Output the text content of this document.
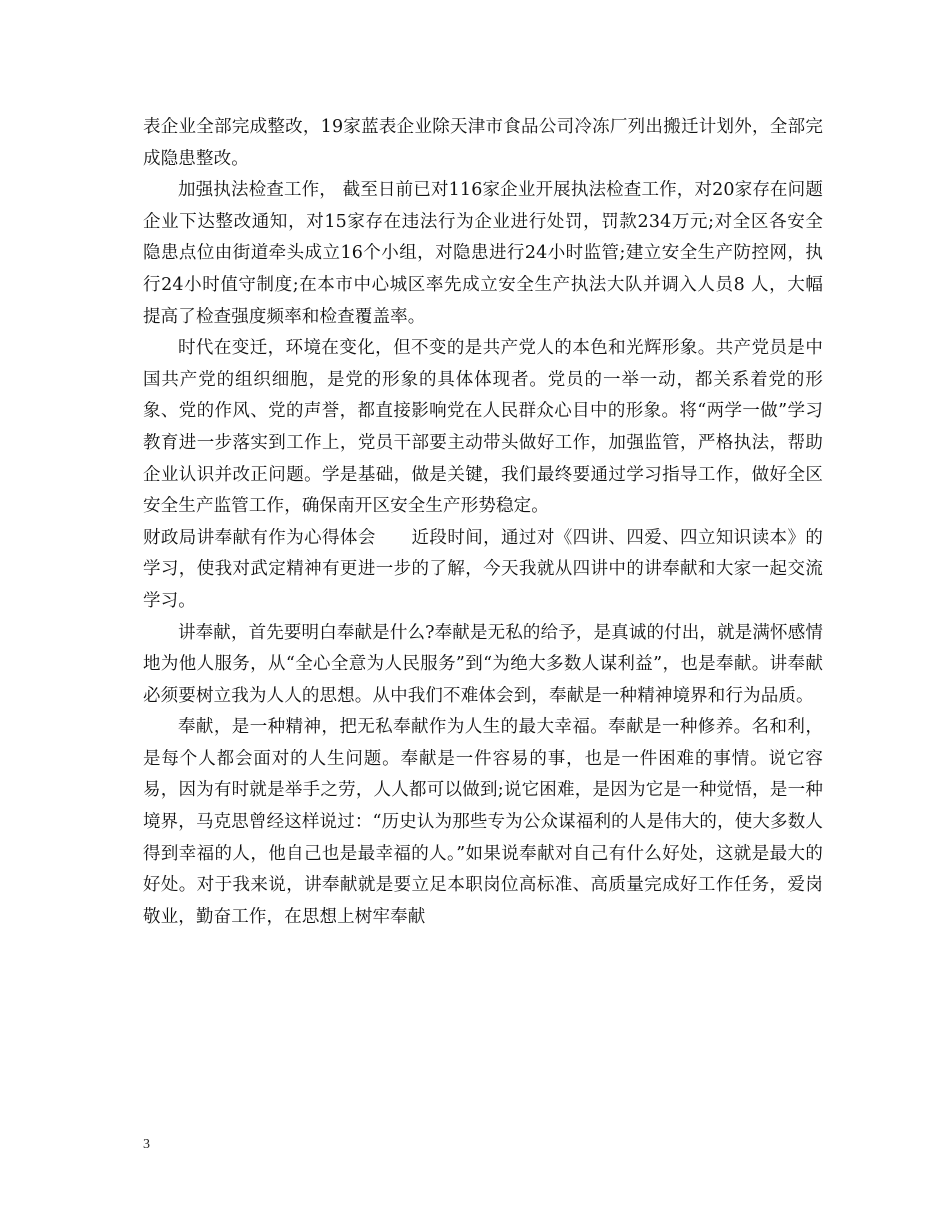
表企业全部完成整改，19家蓝表企业除天津市食品公司冷冻厂列出搬迁计划外，全部完成隐患整改。

加强执法检查工作， 截至日前已对116家企业开展执法检查工作，对20家存在问题企业下达整改通知，对15家存在违法行为企业进行处罚，罚款234万元;对全区各安全隐患点位由街道牵头成立16个小组，对隐患进行24小时监管;建立安全生产防控网，执行24小时值守制度;在本市中心城区率先成立安全生产执法大队并调入人员8 人，大幅提高了检查强度频率和检查覆盖率。

时代在变迁，环境在变化，但不变的是共产党人的本色和光辉形象。共产党员是中国共产党的组织细胞，是党的形象的具体体现者。党员的一举一动，都关系着党的形象、党的作风、党的声誉，都直接影响党在人民群众心目中的形象。将“两学一做”学习教育进一步落实到工作上，党员干部要主动带头做好工作，加强监管，严格执法，帮助企业认识并改正问题。学是基础，做是关键，我们最终要通过学习指导工作，做好全区安全生产监管工作，确保南开区安全生产形势稳定。

财政局讲奉献有作为心得体会　　近段时间，通过对《四讲、四爱、四立知识读本》的学习，使我对武定精神有更进一步的了解，今天我就从四讲中的讲奉献和大家一起交流学习。

讲奉献，首先要明白奉献是什么?奉献是无私的给予，是真诚的付出，就是满怀感情地为他人服务，从“全心全意为人民服务”到“为绝大多数人谋利益”，也是奉献。讲奉献必须要树立我为人人的思想。从中我们不难体会到，奉献是一种精神境界和行为品质。

奉献，是一种精神，把无私奉献作为人生的最大幸福。奉献是一种修养。名和利，是每个人都会面对的人生问题。奉献是一件容易的事，也是一件困难的事情。说它容易，因为有时就是举手之劳，人人都可以做到;说它困难，是因为它是一种觉悟，是一种境界，马克思曾经这样说过：“历史认为那些专为公众谋福利的人是伟大的，使大多数人得到幸福的人，他自己也是最幸福的人。”如果说奉献对自己有什么好处，这就是最大的好处。对于我来说，讲奉献就是要立足本职岗位高标准、高质量完成好工作任务，爱岗敬业，勤奋工作，在思想上树牢奉献

3
